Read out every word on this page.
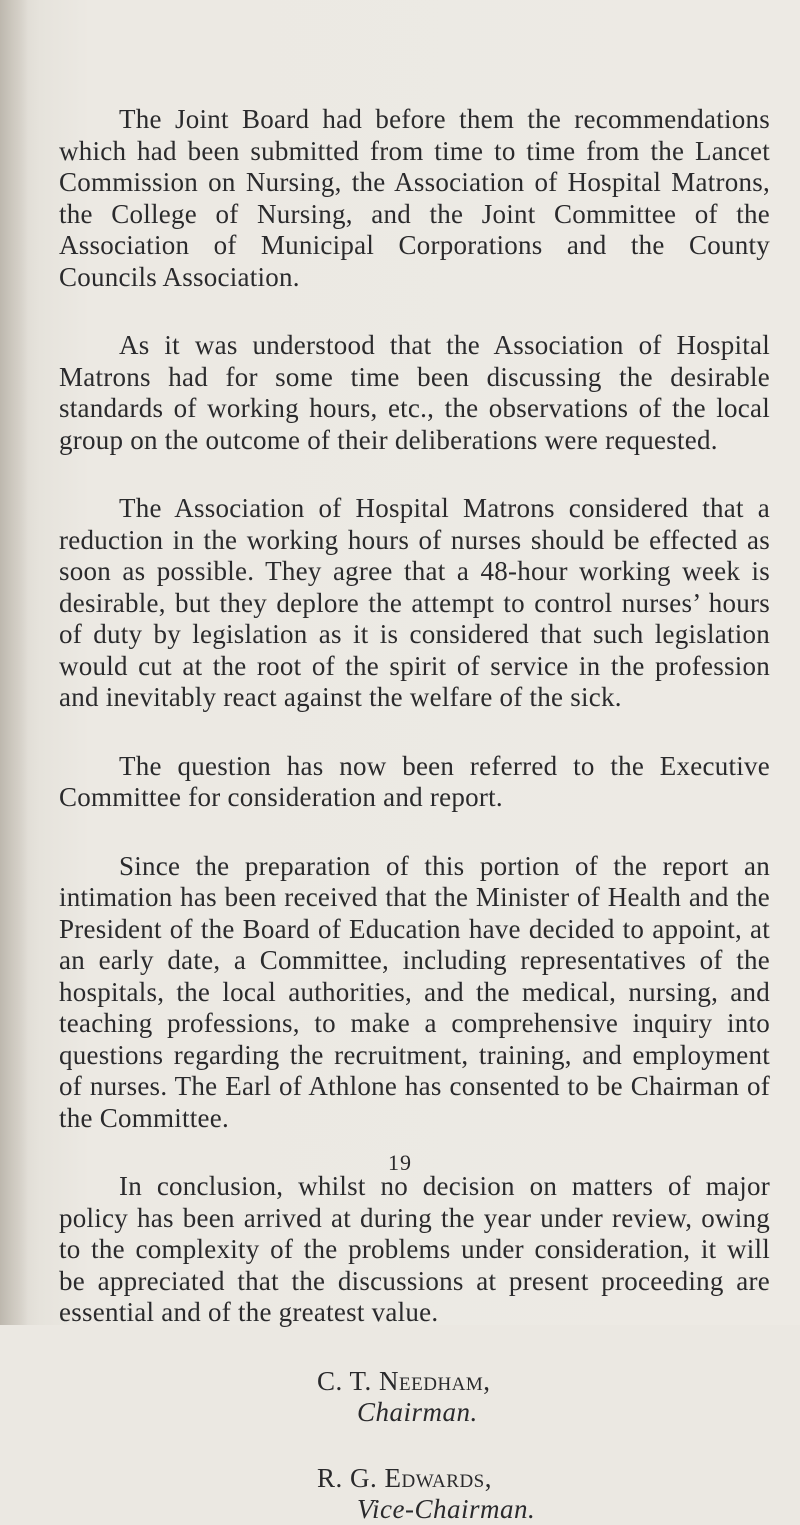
The Joint Board had before them the recommendations which had been submitted from time to time from the Lancet Commission on Nursing, the Association of Hospital Matrons, the College of Nursing, and the Joint Committee of the Association of Municipal Corporations and the County Councils Association.

As it was understood that the Association of Hospital Matrons had for some time been discussing the desirable standards of working hours, etc., the observations of the local group on the outcome of their deliberations were requested.

The Association of Hospital Matrons considered that a reduction in the working hours of nurses should be effected as soon as possible. They agree that a 48-hour working week is desirable, but they deplore the attempt to control nurses’ hours of duty by legislation as it is considered that such legislation would cut at the root of the spirit of service in the profession and inevitably react against the welfare of the sick.

The question has now been referred to the Executive Committee for consideration and report.

Since the preparation of this portion of the report an intimation has been received that the Minister of Health and the President of the Board of Education have decided to appoint, at an early date, a Committee, including representatives of the hospitals, the local authorities, and the medical, nursing, and teaching professions, to make a comprehensive inquiry into questions regarding the recruitment, training, and employment of nurses. The Earl of Athlone has consented to be Chairman of the Committee.

In conclusion, whilst no decision on matters of major policy has been arrived at during the year under review, owing to the complexity of the problems under consideration, it will be appreciated that the discussions at present proceeding are essential and of the greatest value.

C. T. Needham,
Chairman.
R. G. Edwards,
Vice-Chairman.
19
